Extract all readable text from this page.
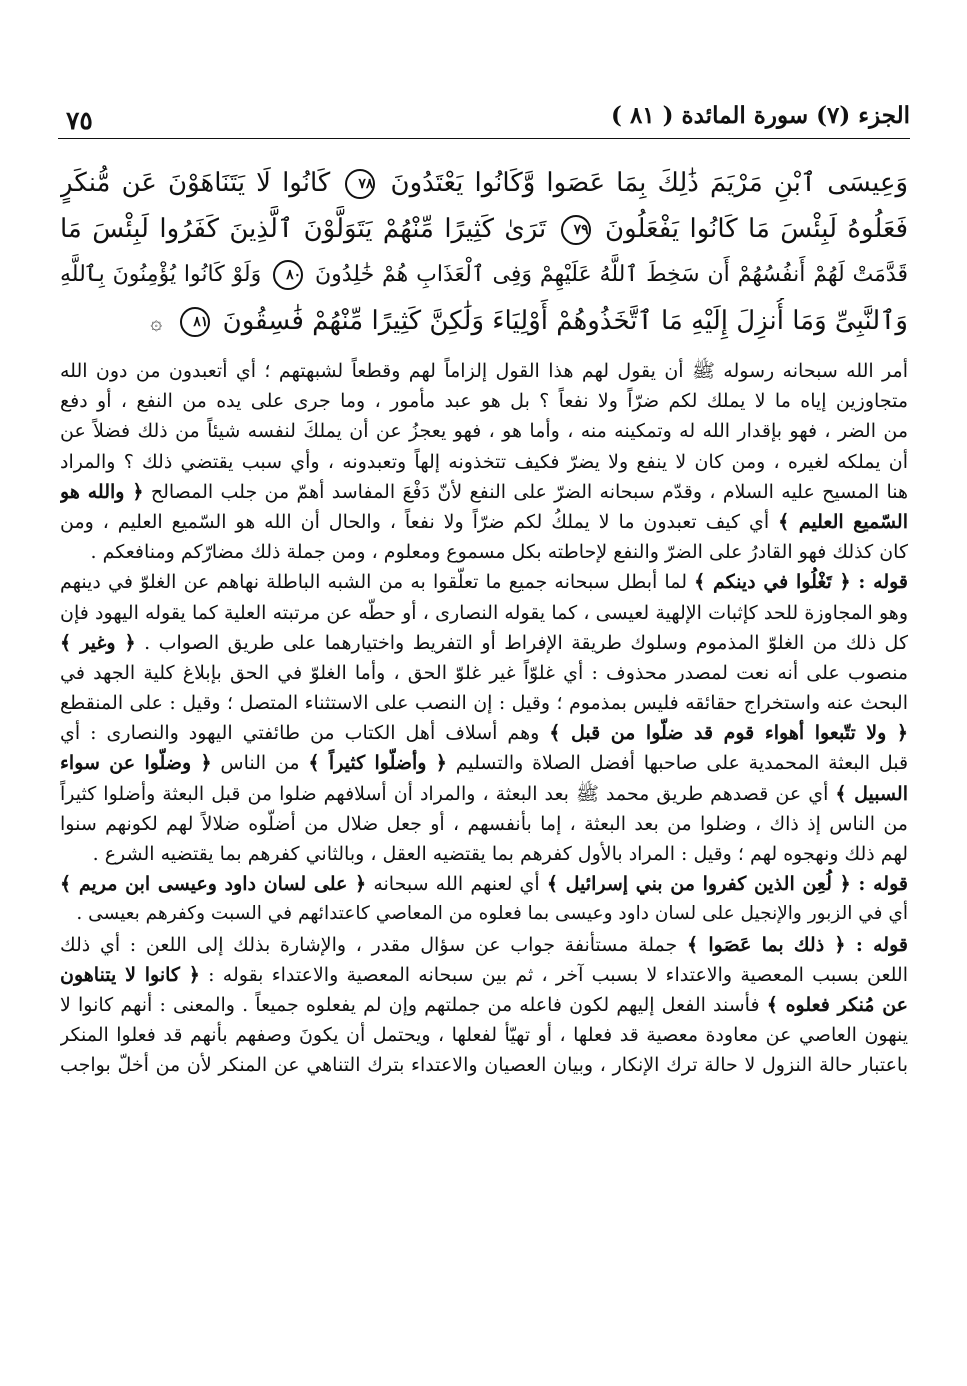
٧٥	الجزء (٧) سورة المائدة ( ٨١ )
وَعِيسَى ٱبْنِ مَرْيَمَ ذَٰلِكَ بِمَا عَصَوا وَّكَانُوا يَعْتَدُونَ ٧٨ كَانُوا لَا يَتَنَاهَوْنَ عَن مُّنكَرٍ
فَعَلُوهُ لَبِئْسَ مَا كَانُوا يَفْعَلُونَ ٧٩ تَرَىٰ كَثِيرًا مِّنْهُمْ يَتَوَلَّوْنَ ٱلَّذِينَ كَفَرُوا لَبِئْسَ مَا
قَدَّمَتْ لَهُمْ أَنفُسُهُمْ أَن سَخِطَ ٱللَّهُ عَلَيْهِمْ وَفِى ٱلْعَذَابِ هُمْ خَٰلِدُونَ ٨٠ وَلَوْ كَانُوا يُؤْمِنُونَ بِٱللَّهِ
وَٱلنَّبِىِّ وَمَا أُنزِلَ إِلَيْهِ مَا ٱتَّخَذُوهُمْ أَوْلِيَاءَ وَلَٰكِنَّ كَثِيرًا مِّنْهُمْ فَٰسِقُونَ ٨١ ۞
أمر الله سبحانه رسوله ﷺ أن يقول لهم هذا القول إلزاماً لهم وقطعاً لشبهتهم ؛ أي أتعبدون من دون الله
متجاوزين إياه ما لا يملك لكم ضرّاً ولا نفعاً ؟ بل هو عبد مأمور ، وما جرى على يده من النفع ، أو دفع
من الضر ، فهو بإقدار الله له وتمكينه منه ، وأما هو ، فهو يعجزُ عن أن يملكَ لنفسه شيئاً من ذلك فضلاً عن
أن يملكه لغيره ، ومن كان لا ينفع ولا يضرّ فكيف تتخذونه إلهاً وتعبدونه ، وأي سبب يقتضي ذلك ؟ والمراد
هنا المسيح عليه السلام ، وقدّم سبحانه الضرّ على النفع لأنّ دَفْعَ المفاسد أهمّ من جلب المصالح ﴿ والله هو
السّميع العليم ﴾ أي كيف تعبدون ما لا يملكُ لكم ضرّاً ولا نفعاً ، والحال أن الله هو السّميع العليم ، ومن
كان كذلك فهو القادرُ على الضرّ والنفع لإحاطته بكل مسموع ومعلوم ، ومن جملة ذلك مضارّكم ومنافعكم .
قوله : ﴿ تَغْلُوا في دينكم ﴾ لما أبطل سبحانه جميع ما تعلّقوا به من الشبه الباطلة نهاهم عن الغلوّ في دينهم
وهو المجاوزة للحد كإثبات الإلهية لعيسى ، كما يقوله النصارى ، أو حطّه عن مرتبته العلية كما يقوله اليهود فإن
كل ذلك من الغلوّ المذموم وسلوك طريقة الإفراط أو التفريط واختيارهما على طريق الصواب . ﴿ وغير ﴾
منصوب على أنه نعت لمصدر محذوف : أي غلوّاً غير غلوّ الحق ، وأما الغلوّ في الحق بإبلاغ كلية الجهد في
البحث عنه واستخراج حقائقه فليس بمذموم ؛ وقيل : إن النصب على الاستثناء المتصل ؛ وقيل : على المنقطع
﴿ ولا تتّبعوا أهواء قوم قد ضلّوا من قبل ﴾ وهم أسلاف أهل الكتاب من طائفتي اليهود والنصارى : أي
قبل البعثة المحمدية على صاحبها أفضل الصلاة والتسليم ﴿ وأضلّوا كثيراً ﴾ من الناس ﴿ وضلّوا عن سواء
السبيل ﴾ أي عن قصدهم طريق محمد ﷺ بعد البعثة ، والمراد أن أسلافهم ضلوا من قبل البعثة وأضلوا كثيراً
من الناس إذ ذاك ، وضلوا من بعد البعثة ، إما بأنفسهم ، أو جعل ضلال من أضلّوه ضلالاً لهم لكونهم سنوا
لهم ذلك ونهجوه لهم ؛ وقيل : المراد بالأول كفرهم بما يقتضيه العقل ، وبالثاني كفرهم بما يقتضيه الشرع .
قوله : ﴿ لُعِن الذين كفروا من بني إسرائيل ﴾ أي لعنهم الله سبحانه ﴿ على لسان داود وعيسى ابن مريم ﴾
أي في الزبور والإنجيل على لسان داود وعيسى بما فعلوه من المعاصي كاعتدائهم في السبت وكفرهم بعيسى .
قوله : ﴿ ذلك بما عَصَوا ﴾ جملة مستأنفة جواب عن سؤال مقدر ، والإشارة بذلك إلى اللعن : أي ذلك
اللعن بسبب المعصية والاعتداء لا بسبب آخر ، ثم بين سبحانه المعصية والاعتداء بقوله : ﴿ كانوا لا يتناهون
عن مُنكر فعلوه ﴾ فأسند الفعل إليهم لكون فاعله من جملتهم وإن لم يفعلوه جميعاً . والمعنى : أنهم كانوا لا
ينهون العاصي عن معاودة معصية قد فعلها ، أو تهيّأ لفعلها ، ويحتمل أن يكونَ وصفهم بأنهم قد فعلوا المنكر
باعتبار حالة النزول لا حالة ترك الإنكار ، وبيان العصيان والاعتداء بترك التناهي عن المنكر لأن من أخلّ بواجب
